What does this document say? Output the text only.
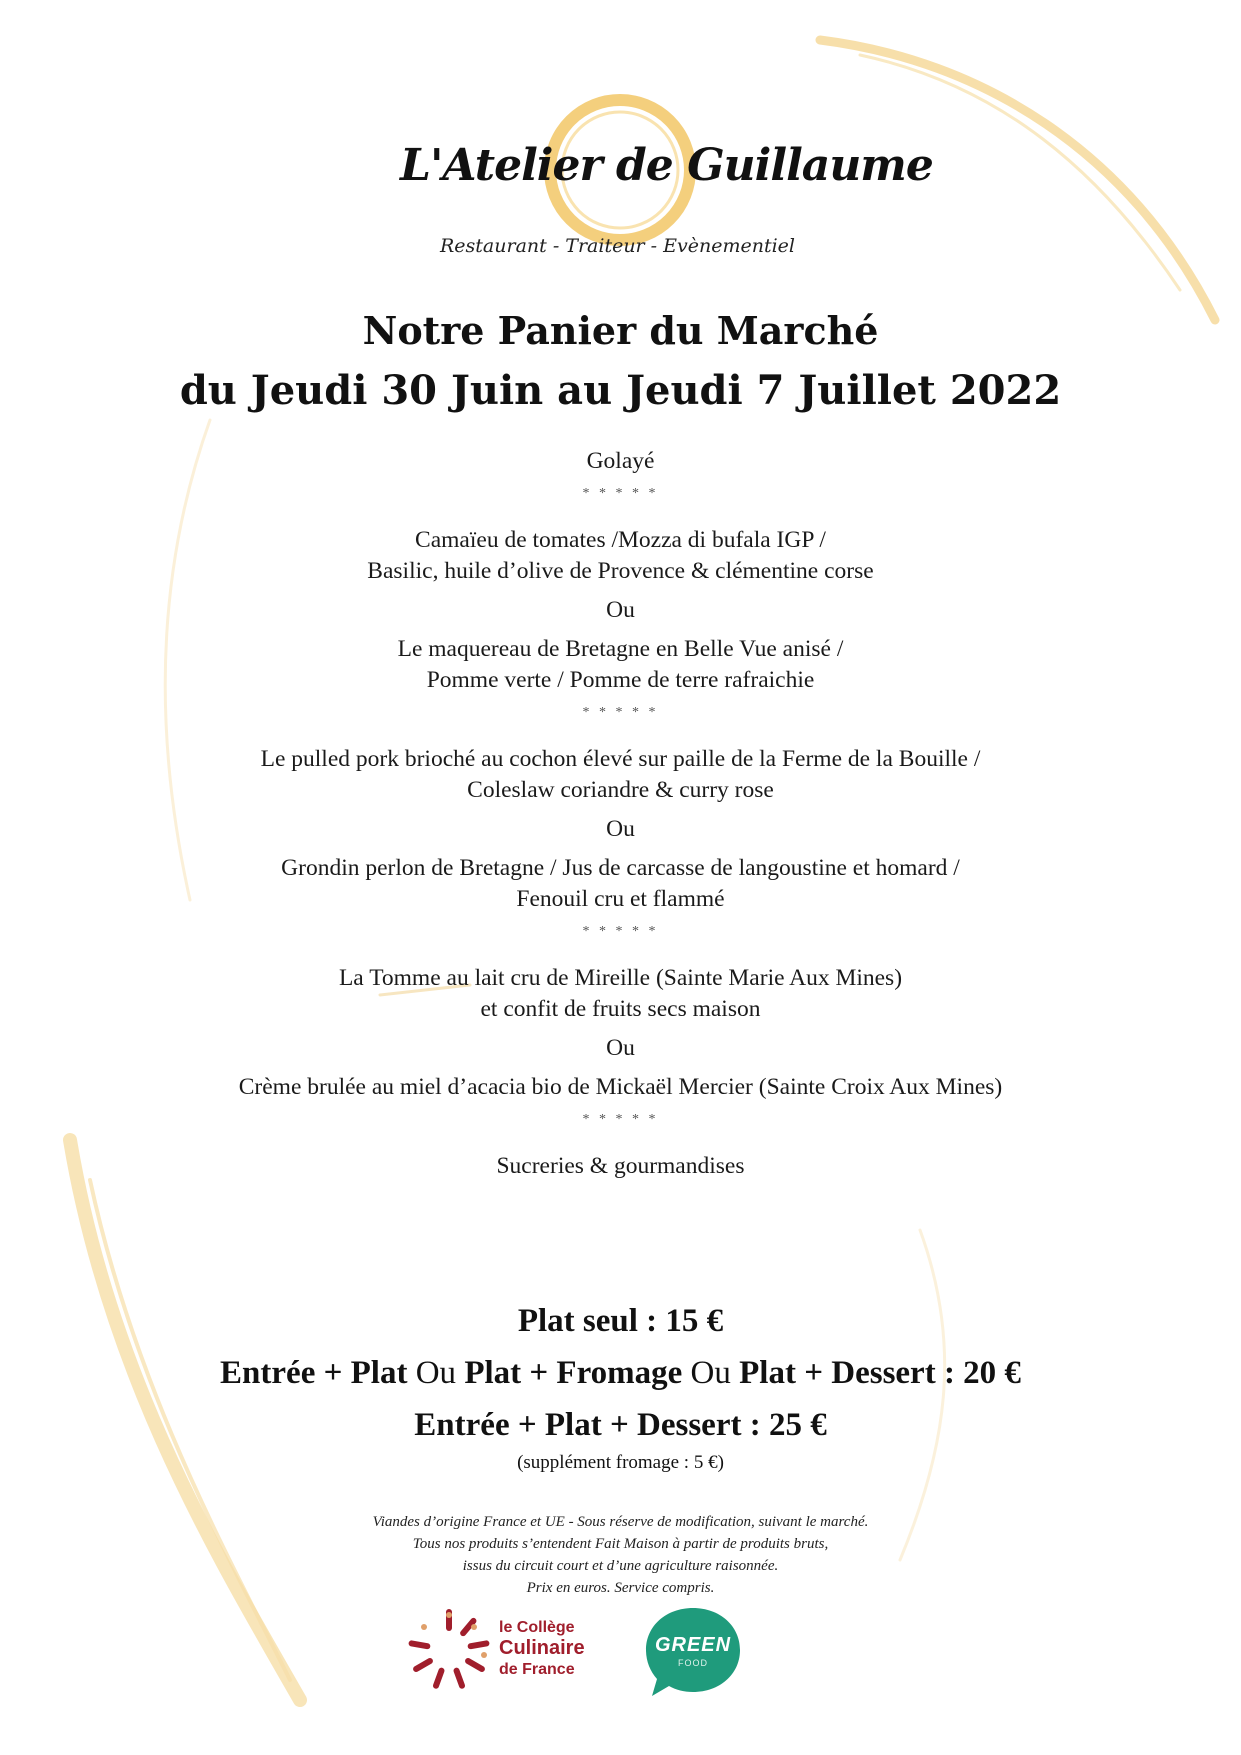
L'Atelier de Guillaume
Restaurant - Traiteur - Evènementiel
Notre Panier du Marché
du Jeudi 30 Juin au Jeudi 7 Juillet 2022

Golayé

* * * * *

Camaïeu de tomates /Mozza di bufala IGP /

Basilic, huile d’olive de Provence & clémentine corse

Ou

Le maquereau de Bretagne en Belle Vue anisé /

Pomme verte / Pomme de terre rafraichie

* * * * *

Le pulled pork brioché au cochon élevé sur paille de la Ferme de la Bouille /

Coleslaw coriandre & curry rose

Ou

Grondin perlon de Bretagne / Jus de carcasse de langoustine et homard /

Fenouil cru et flammé

* * * * *

La Tomme au lait cru de Mireille (Sainte Marie Aux Mines)

et confit de fruits secs maison

Ou

Crème brulée au miel d’acacia bio de Mickaël Mercier (Sainte Croix Aux Mines)

* * * * *

Sucreries & gourmandises

Plat seul : 15 €

Entrée + Plat Ou Plat + Fromage Ou Plat + Dessert : 20 €

Entrée + Plat + Dessert : 25 €

(supplément fromage : 5 €)

Viandes d’origine France et UE - Sous réserve de modification, suivant le marché.

Tous nos produits s’entendent Fait Maison à partir de produits bruts,

issus du circuit court et d’une agriculture raisonnée.

Prix en euros. Service compris.

le Collège
Culinaire
de France
GREEN
FOOD
